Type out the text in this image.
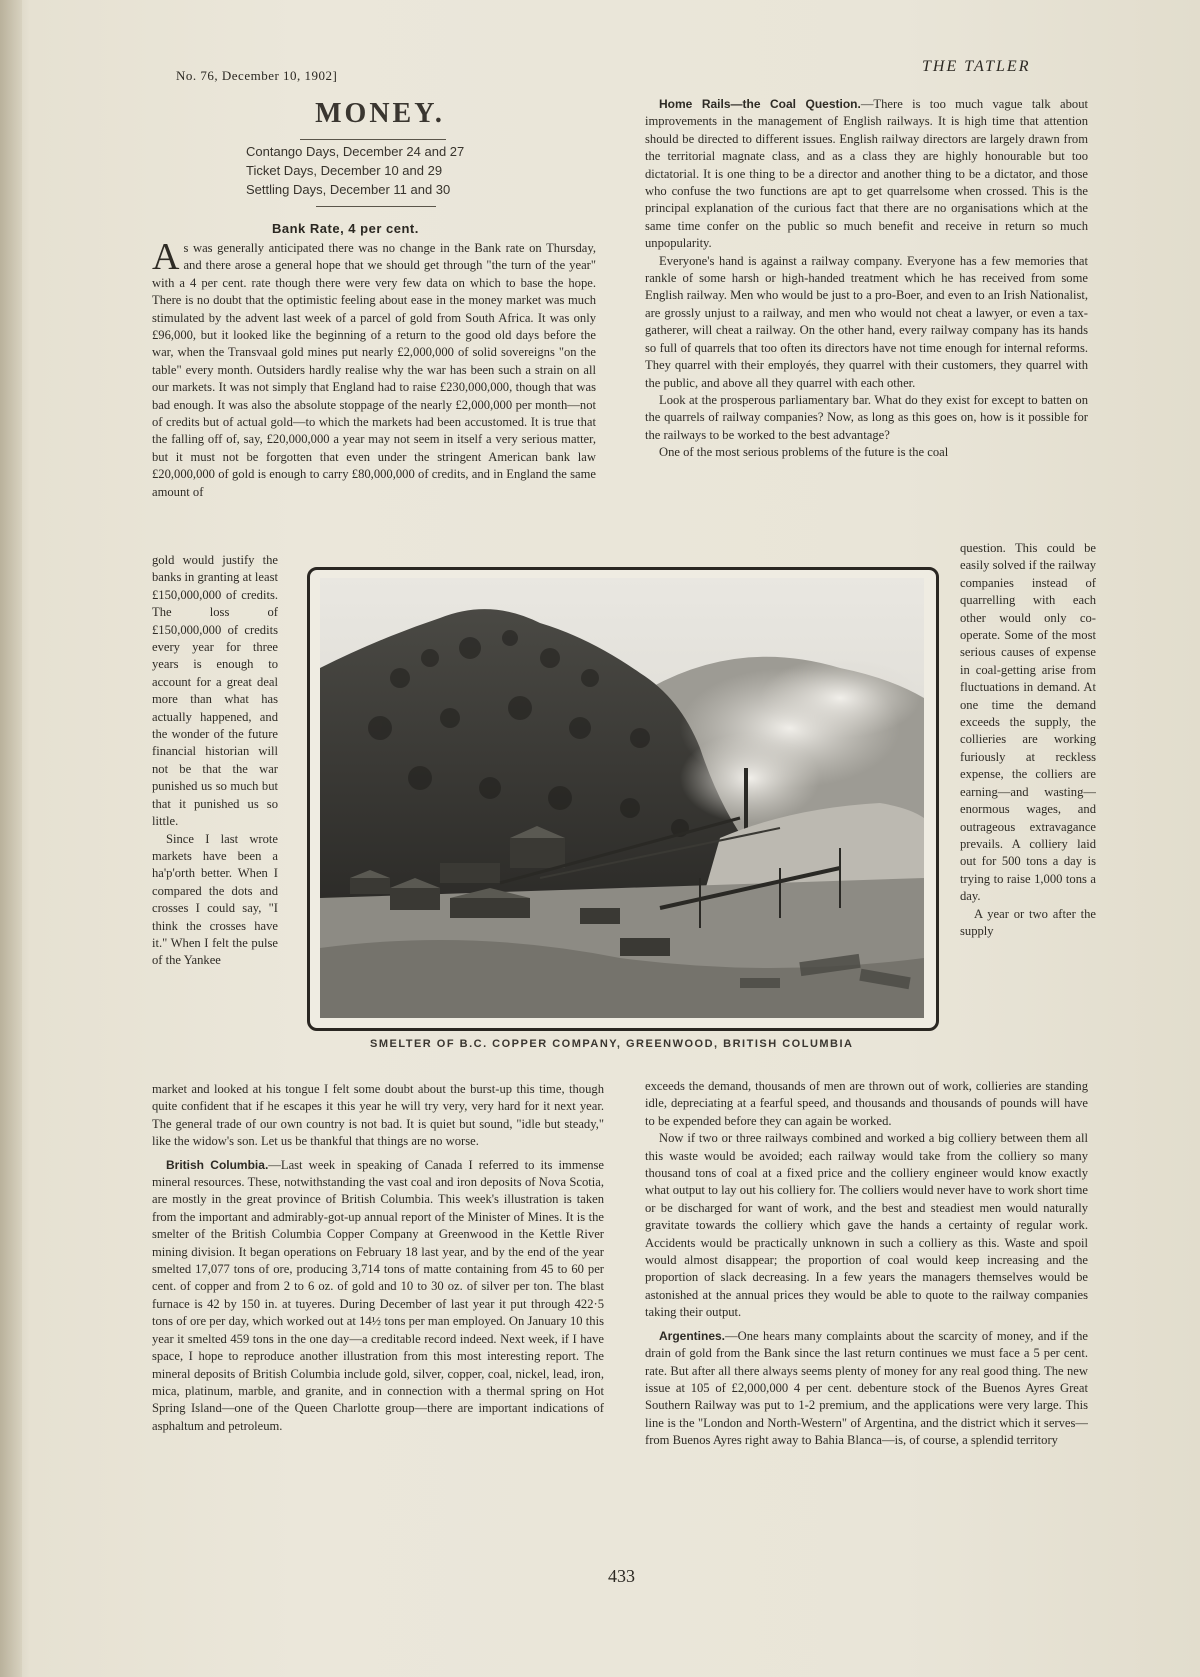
No. 76, December 10, 1902]
THE TATLER
MONEY.
Contango Days, December 24 and 27
Ticket Days, December 10 and 29
Settling Days, December 11 and 30
Bank Rate, 4 per cent.

As was generally anticipated there was no change in the Bank rate on Thursday, and there arose a general hope that we should get through "the turn of the year" with a 4 per cent. rate though there were very few data on which to base the hope. There is no doubt that the optimistic feeling about ease in the money market was much stimulated by the advent last week of a parcel of gold from South Africa. It was only £96,000, but it looked like the beginning of a return to the good old days before the war, when the Transvaal gold mines put nearly £2,000,000 of solid sovereigns "on the table" every month. Outsiders hardly realise why the war has been such a strain on all our markets. It was not simply that England had to raise £230,000,000, though that was bad enough. It was also the absolute stoppage of the nearly £2,000,000 per month—not of credits but of actual gold—to which the markets had been accustomed. It is true that the falling off of, say, £20,000,000 a year may not seem in itself a very serious matter, but it must not be forgotten that even under the stringent American bank law £20,000,000 of gold is enough to carry £80,000,000 of credits, and in England the same amount of

gold would justify the banks in granting at least £150,000,000 of credits. The loss of £150,000,000 of credits every year for three years is enough to account for a great deal more than what has actually happened, and the wonder of the future financial historian will not be that the war punished us so much but that it punished us so little.

Since I last wrote markets have been a ha'p'orth better. When I compared the dots and crosses I could say, "I think the crosses have it." When I felt the pulse of the Yankee

market and looked at his tongue I felt some doubt about the burst-up this time, though quite confident that if he escapes it this year he will try very, very hard for it next year. The general trade of our own country is not bad. It is quiet but sound, "idle but steady," like the widow's son. Let us be thankful that things are no worse.

British Columbia.—Last week in speaking of Canada I referred to its immense mineral resources. These, notwithstanding the vast coal and iron deposits of Nova Scotia, are mostly in the great province of British Columbia. This week's illustration is taken from the important and admirably-got-up annual report of the Minister of Mines. It is the smelter of the British Columbia Copper Company at Greenwood in the Kettle River mining division. It began operations on February 18 last year, and by the end of the year smelted 17,077 tons of ore, producing 3,714 tons of matte containing from 45 to 60 per cent. of copper and from 2 to 6 oz. of gold and 10 to 30 oz. of silver per ton. The blast furnace is 42 by 150 in. at tuyeres. During December of last year it put through 422·5 tons of ore per day, which worked out at 14½ tons per man employed. On January 10 this year it smelted 459 tons in the one day—a creditable record indeed. Next week, if I have space, I hope to reproduce another illustration from this most interesting report. The mineral deposits of British Columbia include gold, silver, copper, coal, nickel, lead, iron, mica, platinum, marble, and granite, and in connection with a thermal spring on Hot Spring Island—one of the Queen Charlotte group—there are important indications of asphaltum and petroleum.

Home Rails—the Coal Question.—There is too much vague talk about improvements in the management of English railways. It is high time that attention should be directed to different issues. English railway directors are largely drawn from the territorial magnate class, and as a class they are highly honourable but too dictatorial. It is one thing to be a director and another thing to be a dictator, and those who confuse the two functions are apt to get quarrelsome when crossed. This is the principal explanation of the curious fact that there are no organisations which at the same time confer on the public so much benefit and receive in return so much unpopularity.

Everyone's hand is against a railway company. Everyone has a few memories that rankle of some harsh or high-handed treatment which he has received from some English railway. Men who would be just to a pro-Boer, and even to an Irish Nationalist, are grossly unjust to a railway, and men who would not cheat a lawyer, or even a tax-gatherer, will cheat a railway. On the other hand, every railway company has its hands so full of quarrels that too often its directors have not time enough for internal reforms. They quarrel with their employés, they quarrel with their customers, they quarrel with the public, and above all they quarrel with each other.

Look at the prosperous parliamentary bar. What do they exist for except to batten on the quarrels of railway companies? Now, as long as this goes on, how is it possible for the railways to be worked to the best advantage?

One of the most serious problems of the future is the coal

question. This could be easily solved if the railway companies instead of quarrelling with each other would only co-operate. Some of the most serious causes of expense in coal-getting arise from fluctuations in demand. At one time the demand exceeds the supply, the collieries are working furiously at reckless expense, the colliers are earning—and wasting—enormous wages, and outrageous extravagance prevails. A colliery laid out for 500 tons a day is trying to raise 1,000 tons a day.

A year or two after the supply

exceeds the demand, thousands of men are thrown out of work, collieries are standing idle, depreciating at a fearful speed, and thousands and thousands of pounds will have to be expended before they can again be worked.

Now if two or three railways combined and worked a big colliery between them all this waste would be avoided; each railway would take from the colliery so many thousand tons of coal at a fixed price and the colliery engineer would know exactly what output to lay out his colliery for. The colliers would never have to work short time or be discharged for want of work, and the best and steadiest men would naturally gravitate towards the colliery which gave the hands a certainty of regular work. Accidents would be practically unknown in such a colliery as this. Waste and spoil would almost disappear; the proportion of coal would keep increasing and the proportion of slack decreasing. In a few years the managers themselves would be astonished at the annual prices they would be able to quote to the railway companies taking their output.

Argentines.—One hears many complaints about the scarcity of money, and if the drain of gold from the Bank since the last return continues we must face a 5 per cent. rate. But after all there always seems plenty of money for any real good thing. The new issue at 105 of £2,000,000 4 per cent. debenture stock of the Buenos Ayres Great Southern Railway was put to 1-2 premium, and the applications were very large. This line is the "London and North-Western" of Argentina, and the district which it serves—from Buenos Ayres right away to Bahia Blanca—is, of course, a splendid territory

SMELTER OF B.C. COPPER COMPANY, GREENWOOD, BRITISH COLUMBIA
433
